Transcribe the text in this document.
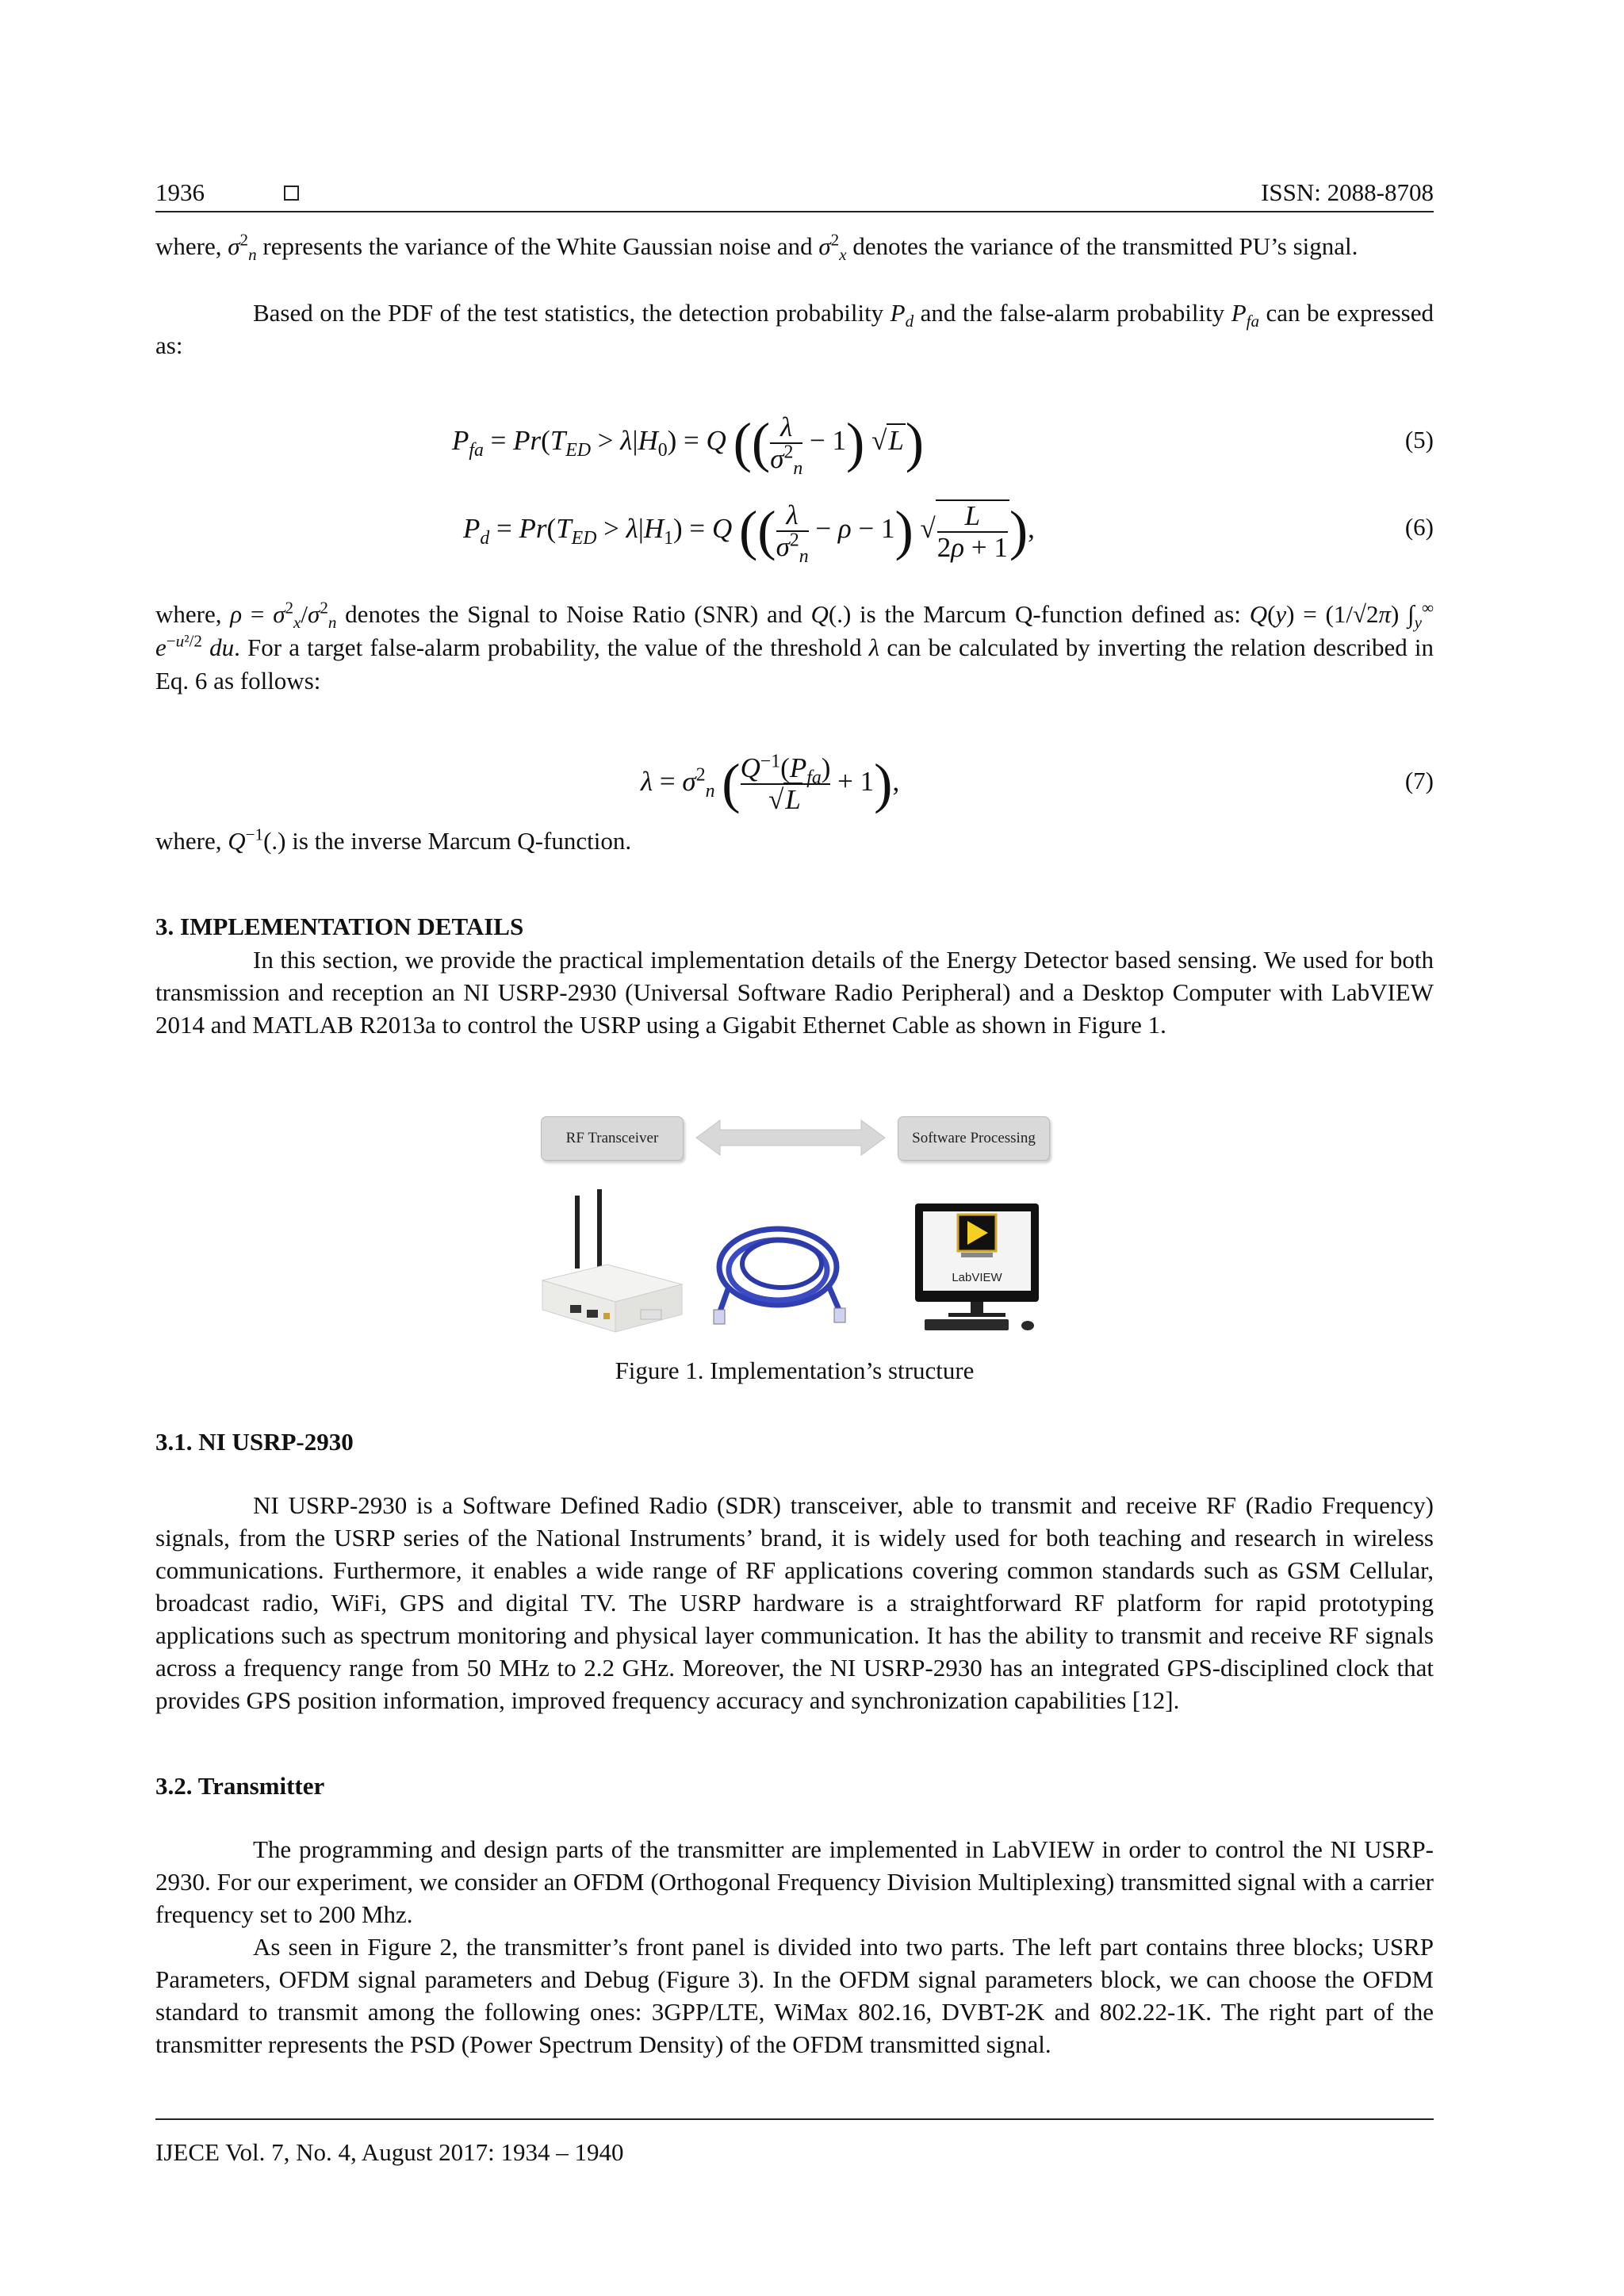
1936	ISSN: 2088-8708

where, $\sigma^2_n$ represents the variance of the White Gaussian noise and $\sigma^2_x$ denotes the variance of the transmitted PU’s signal.

Based on the PDF of the test statistics, the detection probability $P_d$ and the false-alarm probability $P_{fa}$ can be expressed as:

$P_{fa} = Pr(T_{ED} > \lambda|H_0) = Q$ (( $\frac{\lambda}{\sigma^2_n} - 1$) √L)	(5)
$P_d = Pr(T_{ED} > \lambda|H_1) = Q$ (( $\frac{\lambda}{\sigma^2_n} - \rho - 1$) √ $\frac{L}{2\rho + 1}$ ),	(6)

where, $\rho = \sigma^2_x/\sigma^2_n$ denotes the Signal to Noise Ratio (SNR) and Q(.) is the Marcum Q-function defined as: Q(y) = (1/√2π) $\int_y^\infty$ $e^{-u^2/2}$ du. For a target false-alarm probability, the value of the threshold λ can be calculated by inverting the relation described in Eq. 6 as follows:

$\lambda = \sigma^2_n$ ( $\frac{Q^{-1}(P_{fa})}{√L} + 1$),	(7)

where, $Q^{-1}(.)$ is the inverse Marcum Q-function.

3. IMPLEMENTATION DETAILS

In this section, we provide the practical implementation details of the Energy Detector based sensing. We used for both transmission and reception an NI USRP-2930 (Universal Software Radio Peripheral) and a Desktop Computer with LabVIEW 2014 and MATLAB R2013a to control the USRP using a Gigabit Ethernet Cable as shown in Figure 1.

RF Transceiver	Software Processing
LabVIEW
Figure 1. Implementation’s structure
3.1. NI USRP-2930

NI USRP-2930 is a Software Defined Radio (SDR) transceiver, able to transmit and receive RF (Radio Frequency) signals, from the USRP series of the National Instruments’ brand, it is widely used for both teaching and research in wireless communications. Furthermore, it enables a wide range of RF applications covering common standards such as GSM Cellular, broadcast radio, WiFi, GPS and digital TV. The USRP hardware is a straightforward RF platform for rapid prototyping applications such as spectrum monitoring and physical layer communication. It has the ability to transmit and receive RF signals across a frequency range from 50 MHz to 2.2 GHz. Moreover, the NI USRP-2930 has an integrated GPS-disciplined clock that provides GPS position information, improved frequency accuracy and synchronization capabilities [12].

3.2. Transmitter

The programming and design parts of the transmitter are implemented in LabVIEW in order to control the NI USRP-2930. For our experiment, we consider an OFDM (Orthogonal Frequency Division Multiplexing) transmitted signal with a carrier frequency set to 200 Mhz.

As seen in Figure 2, the transmitter’s front panel is divided into two parts. The left part contains three blocks; USRP Parameters, OFDM signal parameters and Debug (Figure 3). In the OFDM signal parameters block, we can choose the OFDM standard to transmit among the following ones: 3GPP/LTE, WiMax 802.16, DVBT-2K and 802.22-1K. The right part of the transmitter represents the PSD (Power Spectrum Density) of the OFDM transmitted signal.

IJECE Vol. 7, No. 4, August 2017: 1934 – 1940
